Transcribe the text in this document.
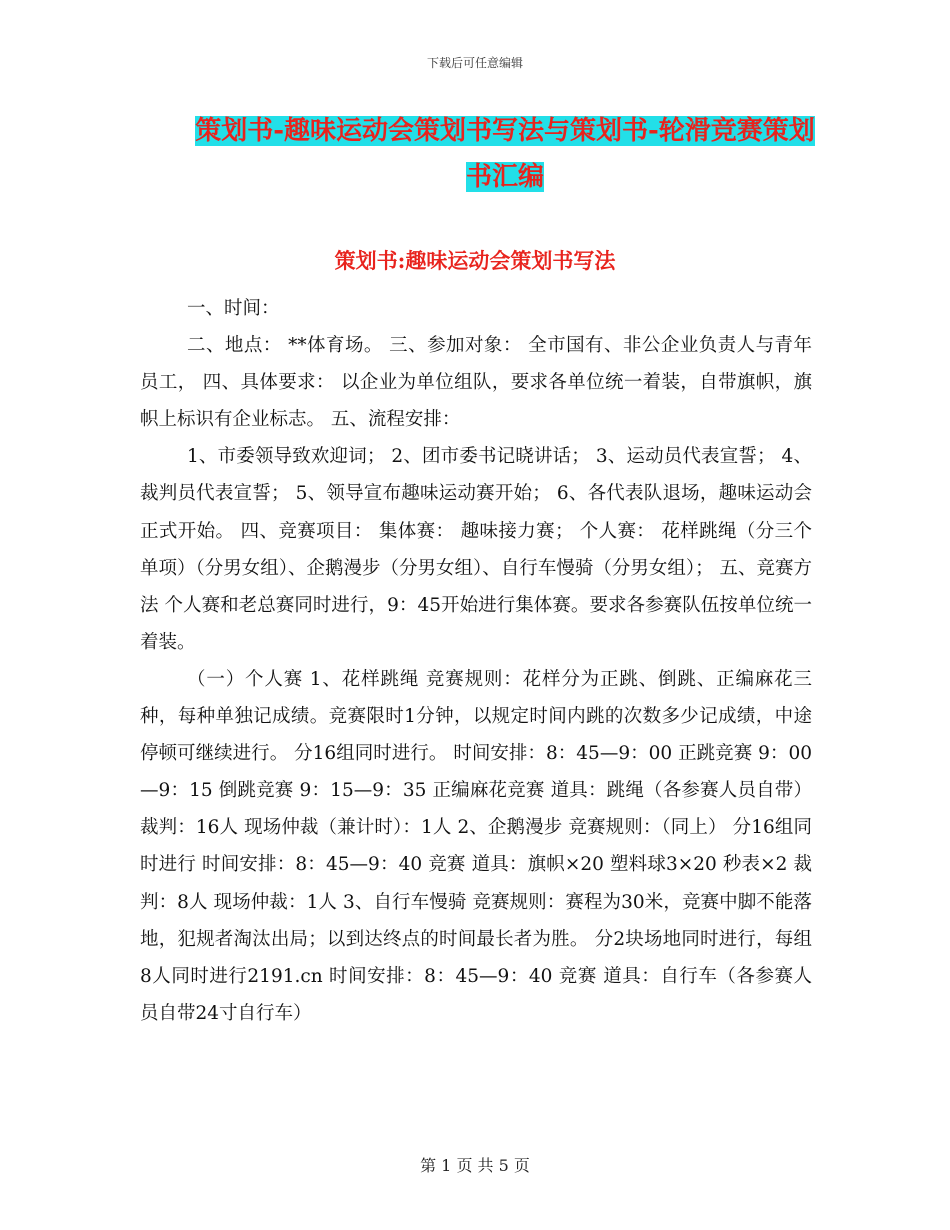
下载后可任意编辑
策划书-趣味运动会策划书写法与策划书-轮滑竞赛策划书汇编
策划书:趣味运动会策划书写法

一、时间：

二、地点： **体育场。 三、参加对象： 全市国有、非公企业负责人与青年员工， 四、具体要求： 以企业为单位组队，要求各单位统一着装，自带旗帜，旗帜上标识有企业标志。 五、流程安排：

1、市委领导致欢迎词； 2、团市委书记晓讲话； 3、运动员代表宣誓； 4、裁判员代表宣誓； 5、领导宣布趣味运动赛开始； 6、各代表队退场，趣味运动会正式开始。 四、竞赛项目： 集体赛： 趣味接力赛； 个人赛： 花样跳绳（分三个单项）（分男女组）、企鹅漫步（分男女组）、自行车慢骑（分男女组）； 五、竞赛方法 个人赛和老总赛同时进行，9：45开始进行集体赛。要求各参赛队伍按单位统一着装。

（一）个人赛 1、花样跳绳 竞赛规则：花样分为正跳、倒跳、正编麻花三种，每种单独记成绩。竞赛限时1分钟，以规定时间内跳的次数多少记成绩，中途停顿可继续进行。 分16组同时进行。 时间安排：8：45—9：00 正跳竞赛 9：00—9：15 倒跳竞赛 9：15—9：35 正编麻花竞赛 道具：跳绳（各参赛人员自带） 裁判：16人 现场仲裁（兼计时）：1人 2、企鹅漫步 竞赛规则：（同上） 分16组同时进行 时间安排：8：45—9：40 竞赛 道具：旗帜×20 塑料球3×20 秒表×2 裁判：8人 现场仲裁：1人 3、自行车慢骑 竞赛规则：赛程为30米，竞赛中脚不能落地，犯规者淘汰出局；以到达终点的时间最长者为胜。 分2块场地同时进行，每组8人同时进行2191.cn 时间安排：8：45—9：40 竞赛 道具：自行车（各参赛人员自带24寸自行车）

第 1 页 共 5 页
